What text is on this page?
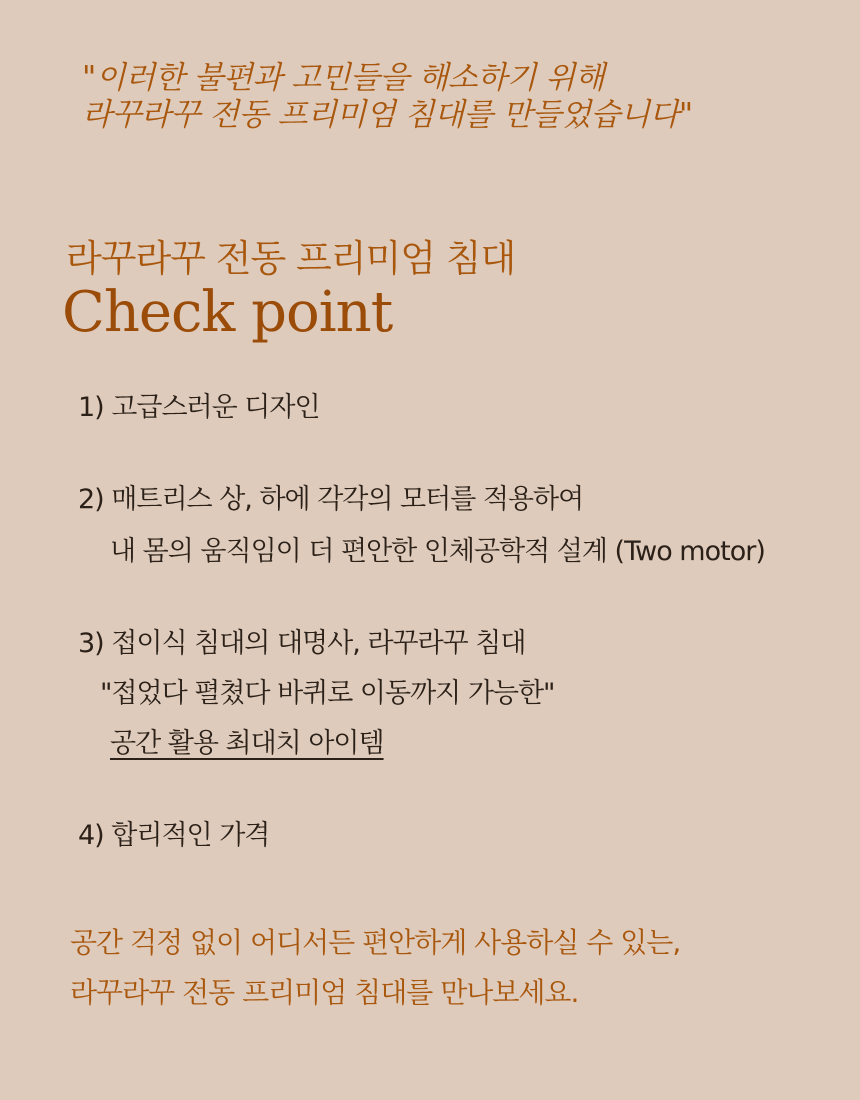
"이러한 불편과 고민들을 해소하기 위해
라꾸라꾸 전동 프리미엄 침대를 만들었습니다"
라꾸라꾸 전동 프리미엄 침대
Check point
1) 고급스러운 디자인
2) 매트리스 상, 하에 각각의 모터를 적용하여
내 몸의 움직임이 더 편안한 인체공학적 설계 (Two motor)
3) 접이식 침대의 대명사, 라꾸라꾸 침대
"접었다 펼쳤다 바퀴로 이동까지 가능한"
공간 활용 최대치 아이템
4) 합리적인 가격
공간 걱정 없이 어디서든 편안하게 사용하실 수 있는,
라꾸라꾸 전동 프리미엄 침대를 만나보세요.
